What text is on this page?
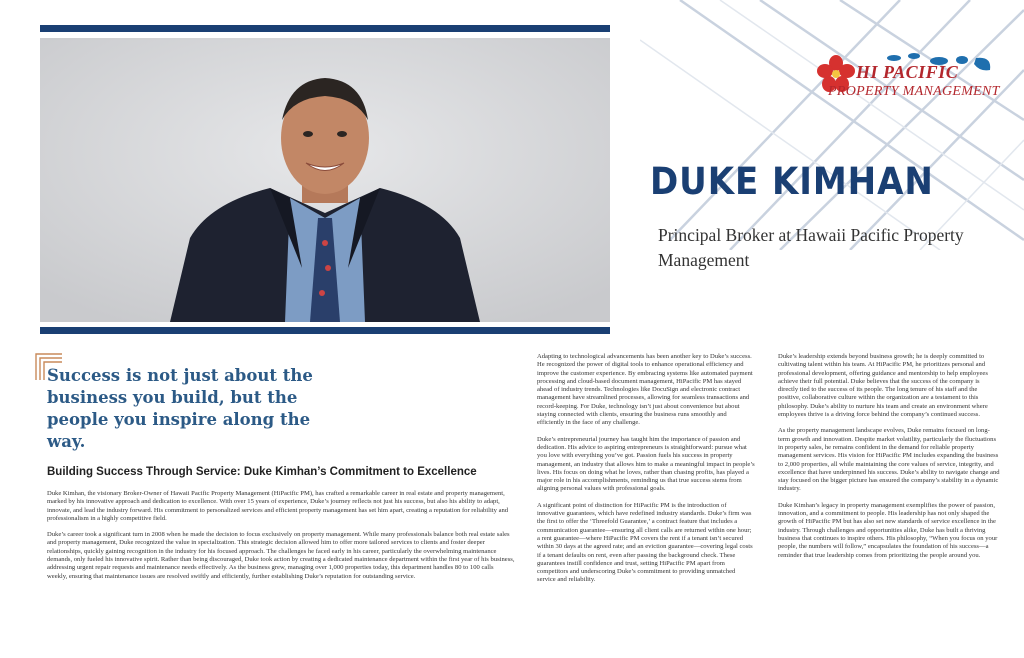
HI PACIFIC
PROPERTY MANAGEMENT
DUKE KIMHAN
Principal Broker at Hawaii Pacific Property Management
Success is not just about the business you build, but the people you inspire along the way.
Building Success Through Service: Duke Kimhan’s Commitment to Excellence

Duke Kimhan, the visionary Broker-Owner of Hawaii Pacific Property Management (HiPacific PM), has crafted a remarkable career in real estate and property management, marked by his innovative approach and dedication to excellence. With over 15 years of experience, Duke’s journey reflects not just his success, but also his ability to adapt, innovate, and lead the industry forward. His commitment to personalized services and efficient property management has set him apart, creating a reputation for reliability and professionalism in a highly competitive field.

Duke’s career took a significant turn in 2008 when he made the decision to focus exclusively on property management. While many professionals balance both real estate sales and property management, Duke recognized the value in specialization. This strategic decision allowed him to offer more tailored services to clients and foster deeper relationships, quickly gaining recognition in the industry for his focused approach. The challenges he faced early in his career, particularly the overwhelming maintenance demands, only fueled his innovative spirit. Rather than being discouraged, Duke took action by creating a dedicated maintenance department within the first year of his business, addressing urgent repair requests and maintenance needs effectively. As the business grew, managing over 1,000 properties today, this department handles 80 to 100 calls weekly, ensuring that maintenance issues are resolved swiftly and efficiently, further establishing Duke’s reputation for outstanding service.

Adapting to technological advancements has been another key to Duke’s success. He recognized the power of digital tools to enhance operational efficiency and improve the customer experience. By embracing systems like automated payment processing and cloud-based document management, HiPacific PM has stayed ahead of industry trends. Technologies like DocuSign and electronic contract management have streamlined processes, allowing for seamless transactions and record-keeping. For Duke, technology isn’t just about convenience but about staying connected with clients, ensuring the business runs smoothly and efficiently in the face of any challenge.

Duke’s entrepreneurial journey has taught him the importance of passion and dedication. His advice to aspiring entrepreneurs is straightforward: pursue what you love with everything you’ve got. Passion fuels his success in property management, an industry that allows him to make a meaningful impact in people’s lives. His focus on doing what he loves, rather than chasing profits, has played a major role in his accomplishments, reminding us that true success stems from aligning personal values with professional goals.

A significant point of distinction for HiPacific PM is the introduction of innovative guarantees, which have redefined industry standards. Duke’s firm was the first to offer the ‘Threefold Guarantee,’ a contract feature that includes a communication guarantee—ensuring all client calls are returned within one hour; a rent guarantee—where HiPacific PM covers the rent if a tenant isn’t secured within 30 days at the agreed rate; and an eviction guarantee—covering legal costs if a tenant defaults on rent, even after passing the background check. These guarantees instill confidence and trust, setting HiPacific PM apart from competitors and underscoring Duke’s commitment to providing unmatched service and reliability.

Duke’s leadership extends beyond business growth; he is deeply committed to cultivating talent within his team. At HiPacific PM, he prioritizes personal and professional development, offering guidance and mentorship to help employees achieve their full potential. Duke believes that the success of the company is directly tied to the success of its people. The long tenure of his staff and the positive, collaborative culture within the organization are a testament to this philosophy. Duke’s ability to nurture his team and create an environment where employees thrive is a driving force behind the company’s continued success.

As the property management landscape evolves, Duke remains focused on long-term growth and innovation. Despite market volatility, particularly the fluctuations in property sales, he remains confident in the demand for reliable property management services. His vision for HiPacific PM includes expanding the business to 2,000 properties, all while maintaining the core values of service, integrity, and excellence that have underpinned his success. Duke’s ability to navigate change and stay focused on the bigger picture has ensured the company’s stability in a dynamic industry.

Duke Kimhan’s legacy in property management exemplifies the power of passion, innovation, and a commitment to people. His leadership has not only shaped the growth of HiPacific PM but has also set new standards of service excellence in the industry. Through challenges and opportunities alike, Duke has built a thriving business that continues to inspire others. His philosophy, “When you focus on your people, the numbers will follow,” encapsulates the foundation of his success—a reminder that true leadership comes from prioritizing the people around you.
